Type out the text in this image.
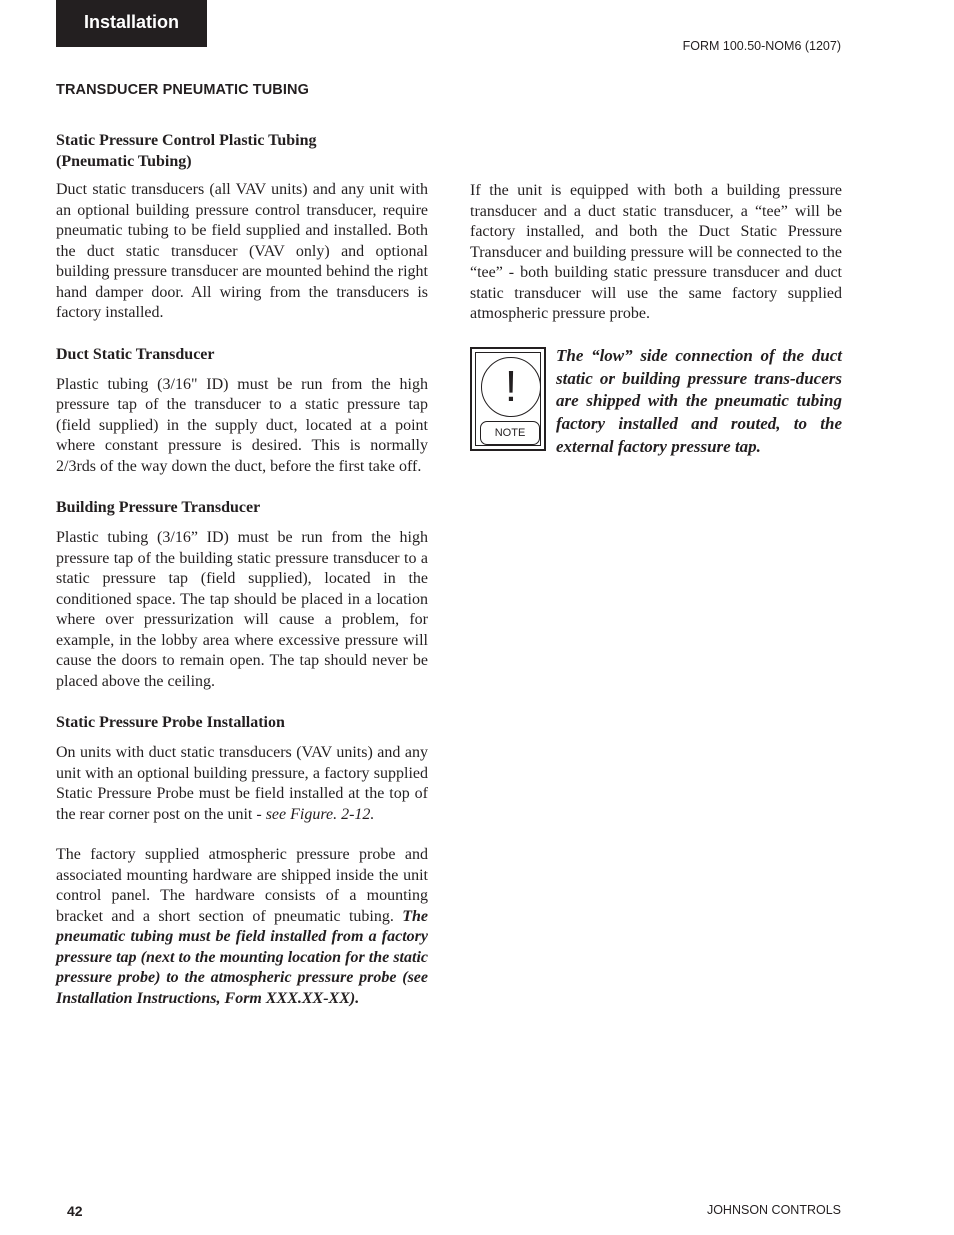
Installation
FORM 100.50-NOM6 (1207)
TRANSDUCER PNEUMATIC TUBING
Static Pressure Control Plastic Tubing
(Pneumatic Tubing)

Duct static transducers (all VAV units) and any unit with an optional building pressure control transducer, require pneumatic tubing to be field supplied and installed. Both the duct static transducer (VAV only) and optional building pressure transducer are mounted behind the right hand damper door. All wiring from the transducers is factory installed.

Duct Static Transducer

Plastic tubing (3/16" ID) must be run from the high pressure tap of the transducer to a static pressure tap (field supplied) in the supply duct, located at a point where constant pressure is desired. This is normally 2/3rds of the way down the duct, before the first take off.

Building Pressure Transducer

Plastic tubing (3/16” ID) must be run from the high pressure tap of the building static pressure transducer to a static pressure tap (field supplied), located in the conditioned space. The tap should be placed in a location where over pressurization will cause a problem, for example, in the lobby area where excessive pressure will cause the doors to remain open. The tap should never be placed above the ceiling.

Static Pressure Probe Installation

On units with duct static transducers (VAV units) and any unit with an optional building pressure, a factory supplied Static Pressure Probe must be field installed at the top of the rear corner post on the unit - see Figure. 2-12.

The factory supplied atmospheric pressure probe and associated mounting hardware are shipped inside the unit control panel. The hardware consists of a mounting bracket and a short section of pneumatic tubing. The pneumatic tubing must be field installed from a factory pressure tap (next to the mounting location for the static pressure probe) to the atmospheric pressure probe (see Installation Instructions, Form XXX.XX-XX).

If the unit is equipped with both a building pressure transducer and a duct static transducer, a “tee” will be factory installed, and both the Duct Static Pressure Transducer and building pressure will be connected to the “tee” - both building static pressure transducer and duct static transducer will use the same factory supplied atmospheric pressure probe.

!
NOTE
The “low” side connection of the duct static or building pressure trans-ducers are shipped with the pneumatic tubing factory installed and routed, to the external factory pressure tap.
42	JOHNSON CONTROLS
